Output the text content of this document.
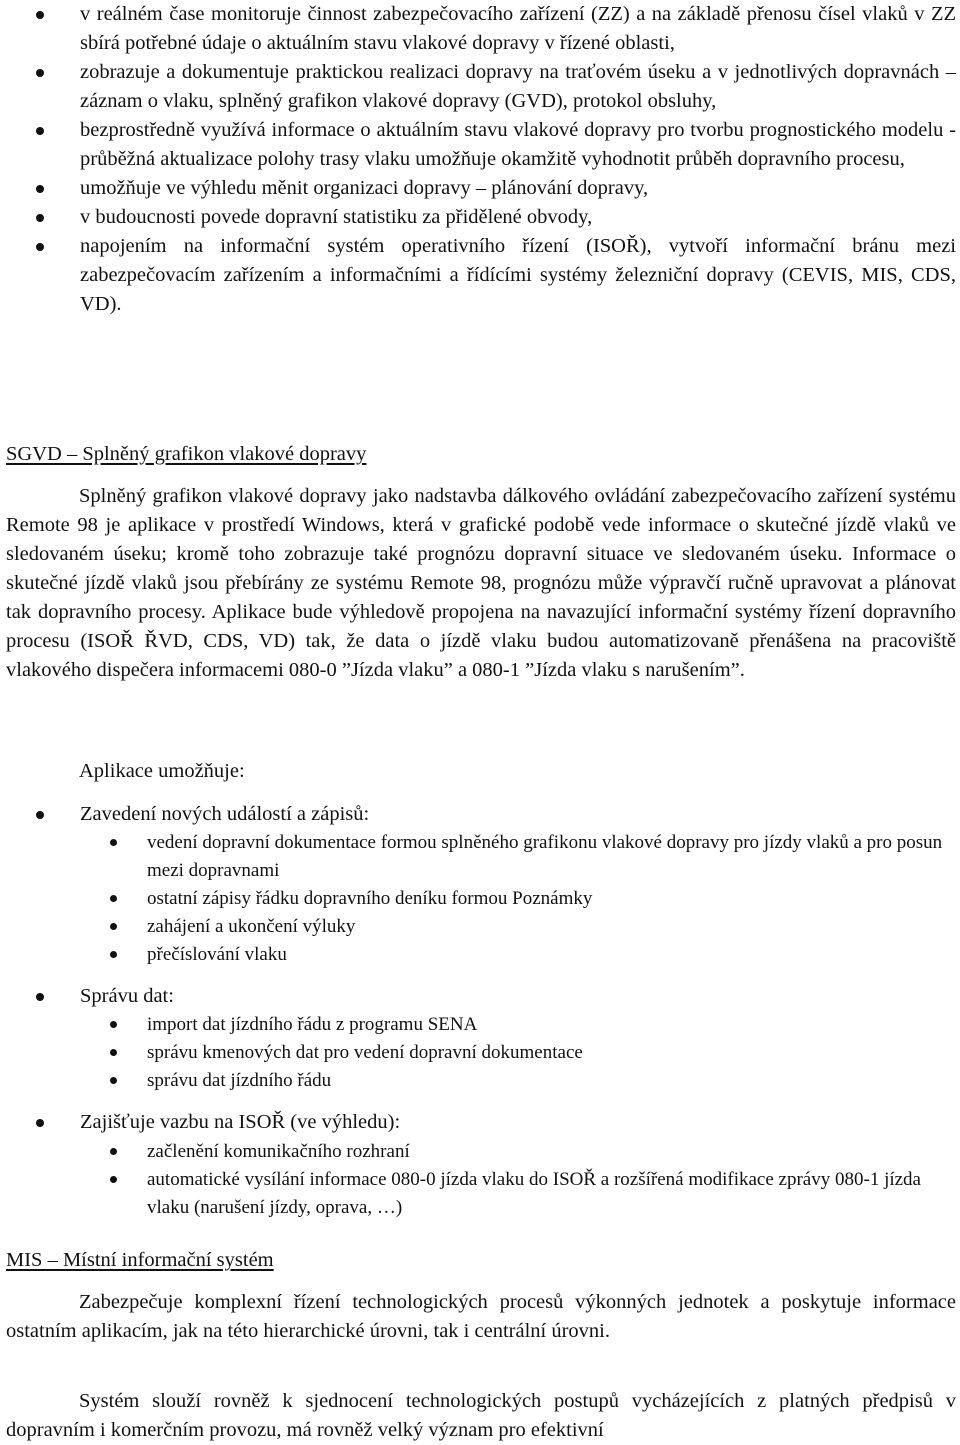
v reálném čase monitoruje činnost zabezpečovacího zařízení (ZZ) a na základě přenosu čísel vlaků v ZZ sbírá potřebné údaje o aktuálním stavu vlakové dopravy v řízené oblasti,
zobrazuje a dokumentuje praktickou realizaci dopravy na traťovém úseku a v jednotlivých dopravnách – záznam o vlaku, splněný grafikon vlakové dopravy (GVD), protokol obsluhy,
bezprostředně využívá informace o aktuálním stavu vlakové dopravy pro tvorbu prognostického modelu - průběžná aktualizace polohy trasy vlaku umožňuje okamžitě vyhodnotit průběh dopravního procesu,
umožňuje ve výhledu měnit organizaci dopravy – plánování dopravy,
v budoucnosti povede dopravní statistiku za přidělené obvody,
napojením na informační systém operativního řízení (ISOŘ), vytvoří informační bránu mezi zabezpečovacím zařízením a informačními a řídícími systémy železniční dopravy (CEVIS, MIS, CDS, VD).
SGVD – Splněný grafikon vlakové dopravy

Splněný grafikon vlakové dopravy jako nadstavba dálkového ovládání zabezpečovacího zařízení systému Remote 98 je aplikace v prostředí Windows, která v grafické podobě vede informace o skutečné jízdě vlaků ve sledovaném úseku; kromě toho zobrazuje také prognózu dopravní situace ve sledovaném úseku. Informace o skutečné jízdě vlaků jsou přebírány ze systému Remote 98, prognózu může výpravčí ručně upravovat a plánovat tak dopravního procesy. Aplikace bude výhledově propojena na navazující informační systémy řízení dopravního procesu (ISOŘ ŘVD, CDS, VD) tak, že data o jízdě vlaku budou automatizovaně přenášena na pracoviště vlakového dispečera informacemi 080-0 ”Jízda vlaku” a 080-1 ”Jízda vlaku s narušením”.

Aplikace umožňuje:
Zavedení nových událostí a zápisů:
vedení dopravní dokumentace formou splněného grafikonu vlakové dopravy pro jízdy vlaků a pro posun mezi dopravnami
ostatní zápisy řádku dopravního deníku formou Poznámky
zahájení a ukončení výluky
přečíslování vlaku
Správu dat:
import dat jízdního řádu z programu SENA
správu kmenových dat pro vedení dopravní dokumentace
správu dat jízdního řádu
Zajišťuje vazbu na ISOŘ (ve výhledu):
začlenění komunikačního rozhraní
automatické vysílání informace 080-0 jízda vlaku do ISOŘ a rozšířená modifikace zprávy 080-1 jízda vlaku (narušení jízdy, oprava, …)
MIS – Místní informační systém

Zabezpečuje komplexní řízení technologických procesů výkonných jednotek a poskytuje informace ostatním aplikacím, jak na této hierarchické úrovni, tak i centrální úrovni.

Systém slouží rovněž k sjednocení technologických postupů vycházejících z platných předpisů v dopravním i komerčním provozu, má rovněž velký význam pro efektivní
